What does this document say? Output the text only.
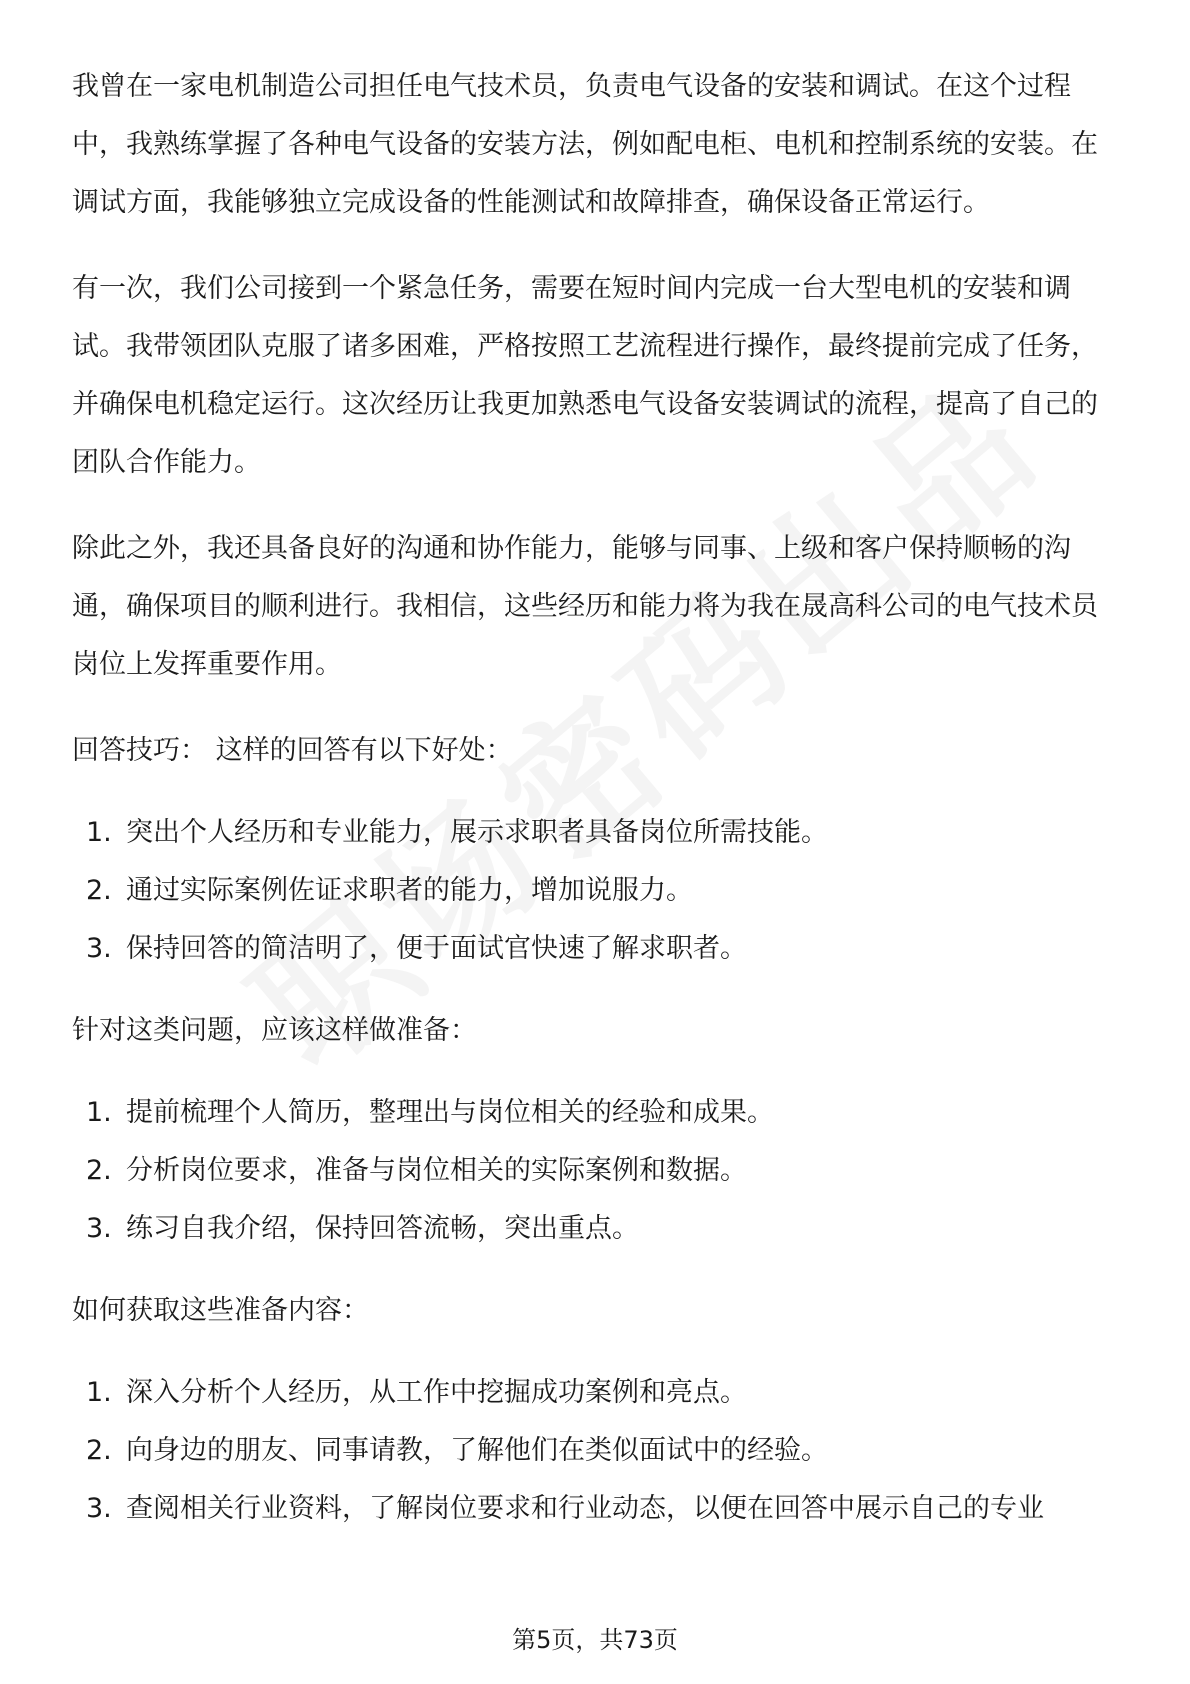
我曾在一家电机制造公司担任电气技术员，负责电气设备的安装和调试。在这个过程中，我熟练掌握了各种电气设备的安装方法，例如配电柜、电机和控制系统的安装。在调试方面，我能够独立完成设备的性能测试和故障排查，确保设备正常运行。

有一次，我们公司接到一个紧急任务，需要在短时间内完成一台大型电机的安装和调试。我带领团队克服了诸多困难，严格按照工艺流程进行操作，最终提前完成了任务，并确保电机稳定运行。这次经历让我更加熟悉电气设备安装调试的流程，提高了自己的团队合作能力。

除此之外，我还具备良好的沟通和协作能力，能够与同事、上级和客户保持顺畅的沟通，确保项目的顺利进行。我相信，这些经历和能力将为我在晟高科公司的电气技术员岗位上发挥重要作用。

回答技巧： 这样的回答有以下好处：

1. 突出个人经历和专业能力，展示求职者具备岗位所需技能。
2. 通过实际案例佐证求职者的能力，增加说服力。
3. 保持回答的简洁明了，便于面试官快速了解求职者。

针对这类问题，应该这样做准备：

1. 提前梳理个人简历，整理出与岗位相关的经验和成果。
2. 分析岗位要求，准备与岗位相关的实际案例和数据。
3. 练习自我介绍，保持回答流畅，突出重点。

如何获取这些准备内容：

1. 深入分析个人经历，从工作中挖掘成功案例和亮点。
2. 向身边的朋友、同事请教，了解他们在类似面试中的经验。
3. 查阅相关行业资料，了解岗位要求和行业动态，以便在回答中展示自己的专业
第5页，共73页
